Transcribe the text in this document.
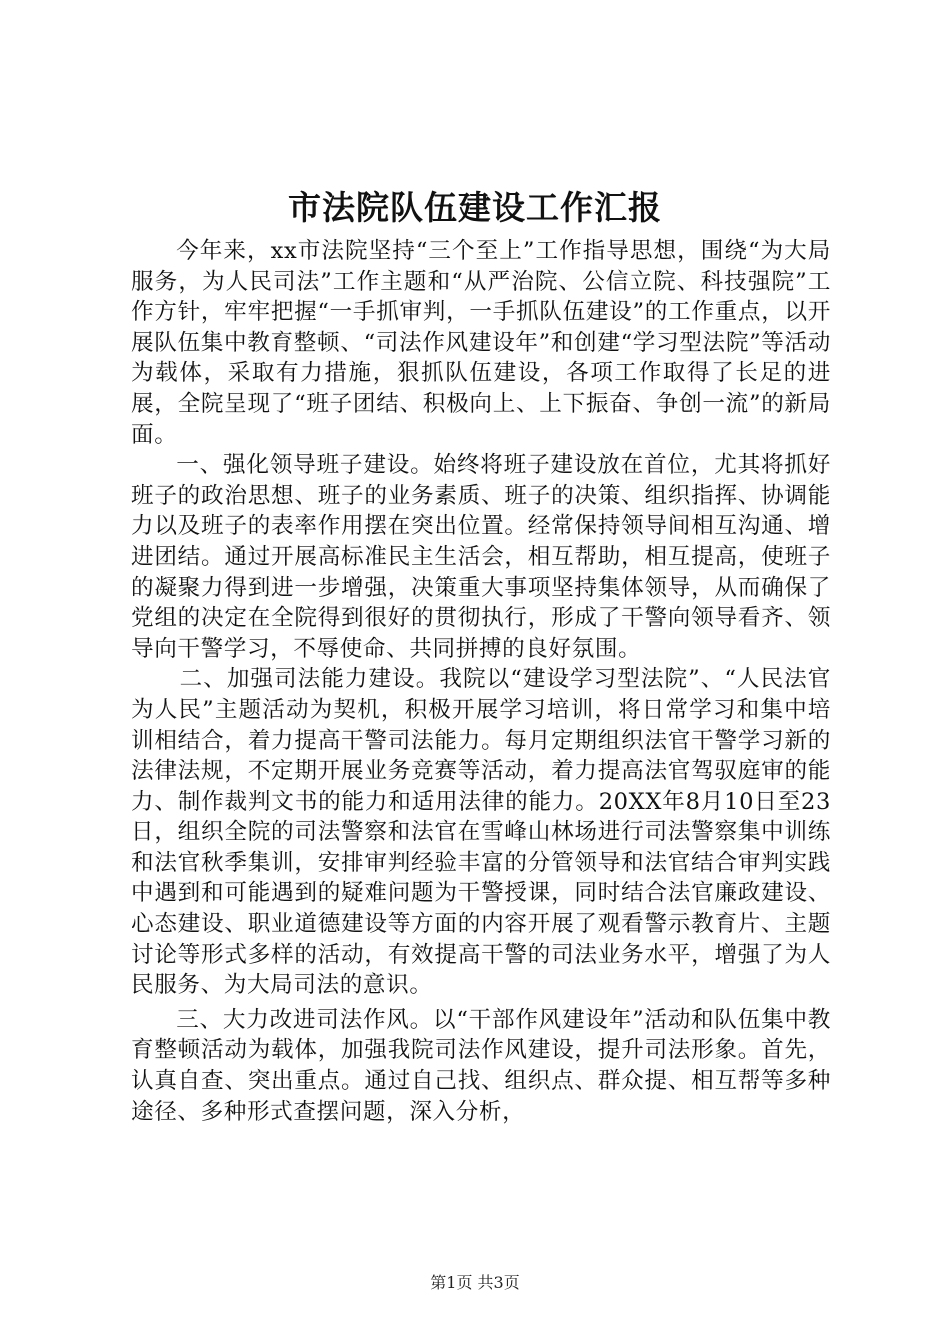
市法院队伍建设工作汇报

今年来，xx市法院坚持“三个至上”工作指导思想，围绕“为大局服务，为人民司法”工作主题和“从严治院、公信立院、科技强院”工作方针，牢牢把握“一手抓审判，一手抓队伍建设”的工作重点，以开展队伍集中教育整顿、“司法作风建设年”和创建“学习型法院”等活动为载体，采取有力措施，狠抓队伍建设，各项工作取得了长足的进展，全院呈现了“班子团结、积极向上、上下振奋、争创一流”的新局面。

一、强化领导班子建设。始终将班子建设放在首位，尤其将抓好班子的政治思想、班子的业务素质、班子的决策、组织指挥、协调能力以及班子的表率作用摆在突出位置。经常保持领导间相互沟通、增进团结。通过开展高标准民主生活会，相互帮助，相互提高，使班子的凝聚力得到进一步增强，决策重大事项坚持集体领导，从而确保了党组的决定在全院得到很好的贯彻执行，形成了干警向领导看齐、领导向干警学习，不辱使命、共同拼搏的良好氛围。

二、加强司法能力建设。我院以“建设学习型法院”、“人民法官为人民”主题活动为契机，积极开展学习培训，将日常学习和集中培训相结合，着力提高干警司法能力。每月定期组织法官干警学习新的法律法规，不定期开展业务竞赛等活动，着力提高法官驾驭庭审的能力、制作裁判文书的能力和适用法律的能力。20XX年8月10日至23日，组织全院的司法警察和法官在雪峰山林场进行司法警察集中训练和法官秋季集训，安排审判经验丰富的分管领导和法官结合审判实践中遇到和可能遇到的疑难问题为干警授课，同时结合法官廉政建设、心态建设、职业道德建设等方面的内容开展了观看警示教育片、主题讨论等形式多样的活动，有效提高干警的司法业务水平，增强了为人民服务、为大局司法的意识。

三、大力改进司法作风。以“干部作风建设年”活动和队伍集中教育整顿活动为载体，加强我院司法作风建设，提升司法形象。首先，认真自查、突出重点。通过自己找、组织点、群众提、相互帮等多种途径、多种形式查摆问题，深入分析，

第1页 共3页
